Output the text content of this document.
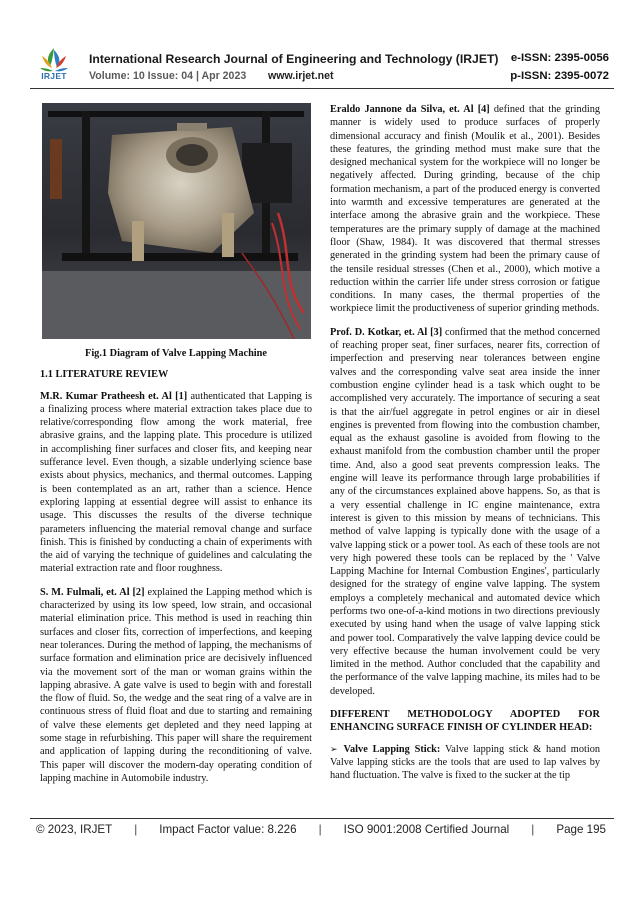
IRJET
International Research Journal of Engineering and Technology (IRJET) e-ISSN: 2395-0056
Volume: 10 Issue: 04 | Apr 2023 www.irjet.net	p-ISSN: 2395-0072
Fig.1 Diagram of Valve Lapping Machine
1.1 LITERATURE REVIEW

M.R. Kumar Pratheesh et. Al [1] authenticated that Lapping is a finalizing process where material extraction takes place due to relative/corresponding flow among the work material, free abrasive grains, and the lapping plate. This procedure is utilized in accomplishing finer surfaces and closer fits, and keeping near sufferance level. Even though, a sizable underlying science base exists about physics, mechanics, and thermal outcomes. Lapping is been contemplated as an art, rather than a science. Hence exploring lapping at essential degree will assist to enhance its usage. This discusses the results of the diverse technique parameters influencing the material removal change and surface finish. This is finished by conducting a chain of experiments with the aid of varying the technique of guidelines and calculating the material extraction rate and floor roughness.

S. M. Fulmali, et. Al [2] explained the Lapping method which is characterized by using its low speed, low strain, and occasional material elimination price. This method is used in reaching thin surfaces and closer fits, correction of imperfections, and keeping near tolerances. During the method of lapping, the mechanisms of surface formation and elimination price are decisively influenced via the movement sort of the man or woman grains within the lapping abrasive. A gate valve is used to begin with and forestall the flow of fluid. So, the wedge and the seat ring of a valve are in continuous stress of fluid float and due to starting and remaining of valve these elements get depleted and they need lapping at some stage in refurbishing. This paper will share the requirement and application of lapping during the reconditioning of valve. This paper will discover the modern-day operating condition of lapping machine in Automobile industry.

Eraldo Jannone da Silva, et. Al [4] defined that the grinding manner is widely used to produce surfaces of properly dimensional accuracy and finish (Moulik et al., 2001). Besides these features, the grinding method must make sure that the designed mechanical system for the workpiece will no longer be negatively affected. During grinding, because of the chip formation mechanism, a part of the produced energy is converted into warmth and excessive temperatures are generated at the interface among the abrasive grain and the workpiece. These temperatures are the primary supply of damage at the machined floor (Shaw, 1984). It was discovered that thermal stresses generated in the grinding system had been the primary cause of the tensile residual stresses (Chen et al., 2000), which motive a reduction within the carrier life under stress corrosion or fatigue conditions. In many cases, the thermal properties of the workpiece limit the productiveness of superior grinding methods.

Prof. D. Kotkar, et. Al [3] confirmed that the method concerned of reaching proper seat, finer surfaces, nearer fits, correction of imperfection and preserving near tolerances between engine valves and the corresponding valve seat area inside the inner combustion engine cylinder head is a task which ought to be accomplished very accurately. The importance of securing a seat is that the air/fuel aggregate in petrol engines or air in diesel engines is prevented from flowing into the combustion chamber, equal as the exhaust gasoline is avoided from flowing to the exhaust manifold from the combustion chamber until the proper time. And, also a good seat prevents compression leaks. The engine will leave its performance through large probabilities if any of the circumstances explained above happens. So, as that is a very essential challenge in IC engine maintenance, extra interest is given to this mission by means of technicians. This method of valve lapping is typically done with the usage of a valve lapping stick or a power tool. As each of these tools are not very high powered these tools can be replaced by the ' Valve Lapping Machine for Internal Combustion Engines', particularly designed for the strategy of engine valve lapping. The system employs a completely mechanical and automated device which performs two one-of-a-kind motions in two directions previously executed by using hand when the usage of valve lapping stick and power tool. Comparatively the valve lapping device could be very effective because the human involvement could be very limited in the method. Author concluded that the capability and the performance of the valve lapping machine, its miles had to be developed.

DIFFERENT METHODOLOGY ADOPTED FOR ENHANCING SURFACE FINISH OF CYLINDER HEAD:

➢ Valve Lapping Stick: Valve lapping stick & hand motion Valve lapping sticks are the tools that are used to lap valves by hand fluctuation. The valve is fixed to the sucker at the tip

© 2023, IRJET | Impact Factor value: 8.226 | ISO 9001:2008 Certified Journal | Page 195
